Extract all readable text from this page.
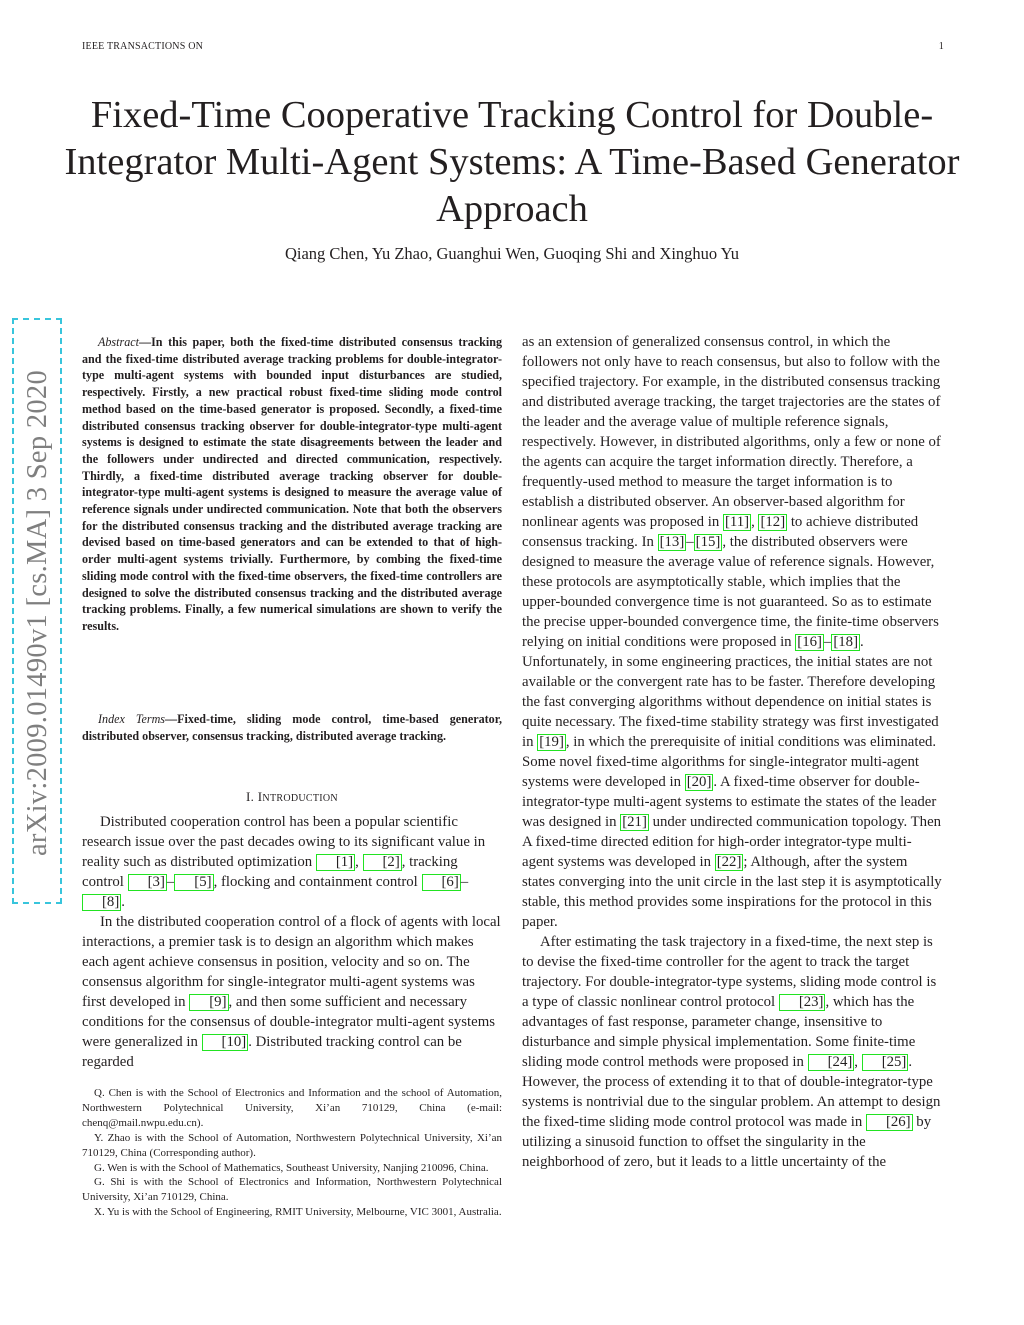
IEEE TRANSACTIONS ON	1
Fixed-Time Cooperative Tracking Control for Double-Integrator Multi-Agent Systems: A Time-Based Generator Approach
Qiang Chen, Yu Zhao, Guanghui Wen, Guoqing Shi and Xinghuo Yu
arXiv:2009.01490v1 [cs.MA] 3 Sep 2020

Abstract—In this paper, both the fixed-time distributed consensus tracking and the fixed-time distributed average tracking problems for double-integrator-type multi-agent systems with bounded input disturbances are studied, respectively. Firstly, a new practical robust fixed-time sliding mode control method based on the time-based generator is proposed. Secondly, a fixed-time distributed consensus tracking observer for double-integrator-type multi-agent systems is designed to estimate the state disagreements between the leader and the followers under undirected and directed communication, respectively. Thirdly, a fixed-time distributed average tracking observer for double-integrator-type multi-agent systems is designed to measure the average value of reference signals under undirected communication. Note that both the observers for the distributed consensus tracking and the distributed average tracking are devised based on time-based generators and can be extended to that of high-order multi-agent systems trivially. Furthermore, by combing the fixed-time sliding mode control with the fixed-time observers, the fixed-time controllers are designed to solve the distributed consensus tracking and the distributed average tracking problems. Finally, a few numerical simulations are shown to verify the results.

Index Terms—Fixed-time, sliding mode control, time-based generator, distributed observer, consensus tracking, distributed average tracking.

I. INTRODUCTION

Distributed cooperation control has been a popular scientific research issue over the past decades owing to its significant value in reality such as distributed optimization [1] , [2] , tracking control [3] – [5] , flocking and containment control [6] –[8] .

In the distributed cooperation control of a flock of agents with local interactions, a premier task is to design an algorithm which makes each agent achieve consensus in position, velocity and so on. The consensus algorithm for single-integrator multi-agent systems was first developed in [9] , and then some sufficient and necessary conditions for the consensus of double-integrator multi-agent systems were generalized in [10] . Distributed tracking control can be regarded

Q. Chen is with the School of Electronics and Information and the school of Automation, Northwestern Polytechnical University, Xi’an 710129, China (e-mail: chenq@mail.nwpu.edu.cn).

Y. Zhao is with the School of Automation, Northwestern Polytechnical University, Xi’an 710129, China (Corresponding author).

G. Wen is with the School of Mathematics, Southeast University, Nanjing 210096, China.

G. Shi is with the School of Electronics and Information, Northwestern Polytechnical University, Xi’an 710129, China.

X. Yu is with the School of Engineering, RMIT University, Melbourne, VIC 3001, Australia.

as an extension of generalized consensus control, in which the followers not only have to reach consensus, but also to follow with the specified trajectory. For example, in the distributed consensus tracking and distributed average tracking, the target trajectories are the states of the leader and the average value of multiple reference signals, respectively. However, in distributed algorithms, only a few or none of the agents can acquire the target information directly. Therefore, a frequently-used method to measure the target information is to establish a distributed observer. An observer-based algorithm for nonlinear agents was proposed in [11] , [12] to achieve distributed consensus tracking. In [13] – [15] , the distributed observers were designed to measure the average value of reference signals. However, these protocols are asymptotically stable, which implies that the upper-bounded convergence time is not guaranteed. So as to estimate the precise upper-bounded convergence time, the finite-time observers relying on initial conditions were proposed in [16] – [18] . Unfortunately, in some engineering practices, the initial states are not available or the convergent rate has to be faster. Therefore developing the fast converging algorithms without dependence on initial states is quite necessary. The fixed-time stability strategy was first investigated in [19] , in which the prerequisite of initial conditions was eliminated. Some novel fixed-time algorithms for single-integrator multi-agent systems were developed in [20] . A fixed-time observer for double-integrator-type multi-agent systems to estimate the states of the leader was designed in [21] under undirected communication topology. Then A fixed-time directed edition for high-order integrator-type multi-agent systems was developed in [22] ; Although, after the system states converging into the unit circle in the last step it is asymptotically stable, this method provides some inspirations for the protocol in this paper.

After estimating the task trajectory in a fixed-time, the next step is to devise the fixed-time controller for the agent to track the target trajectory. For double-integrator-type systems, sliding mode control is a type of classic nonlinear control protocol [23] , which has the advantages of fast response, parameter change, insensitive to disturbance and simple physical implementation. Some finite-time sliding mode control methods were proposed in [24] , [25] . However, the process of extending it to that of double-integrator-type systems is nontrivial due to the singular problem. An attempt to design the fixed-time sliding mode control protocol was made in [26] by utilizing a sinusoid function to offset the singularity in the neighborhood of zero, but it leads to a little uncertainty of the
